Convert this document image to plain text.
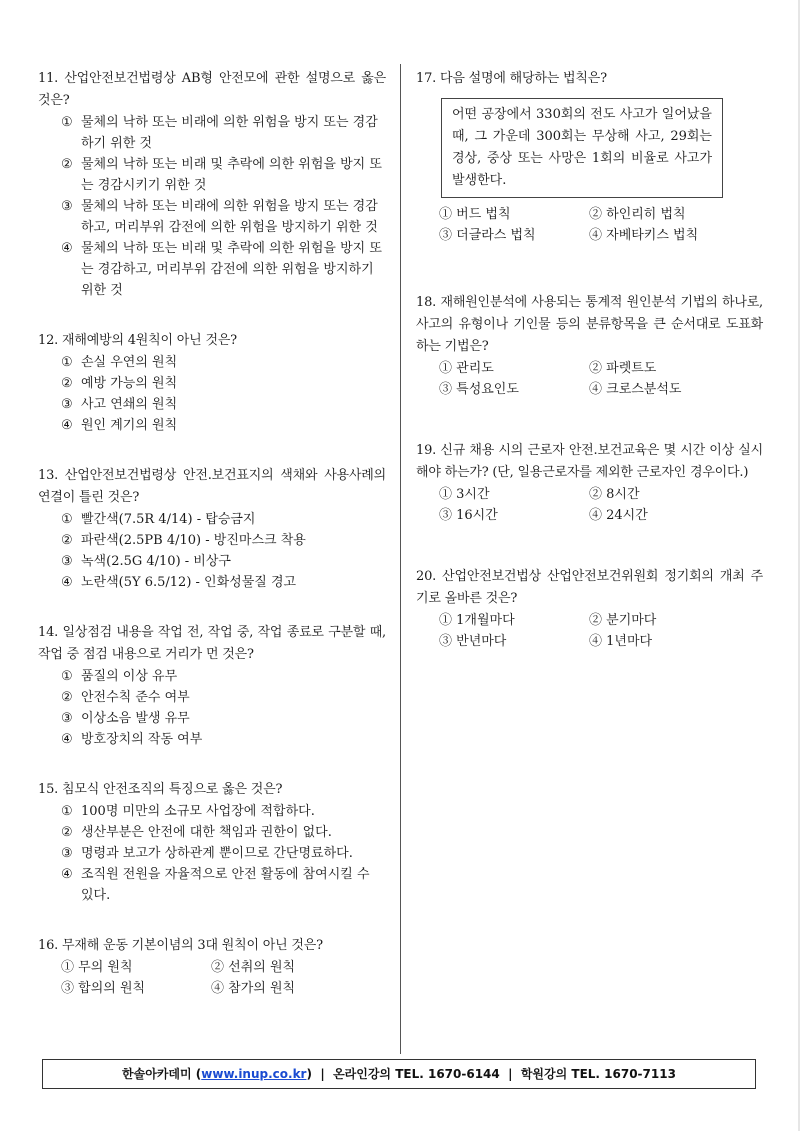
11. 산업안전보건법령상 AB형 안전모에 관한 설명으로 옳은 것은?
① 물체의 낙하 또는 비래에 의한 위험을 방지 또는 경감하기 위한 것
② 물체의 낙하 또는 비래 및 추락에 의한 위험을 방지 또는 경감시키기 위한 것
③ 물체의 낙하 또는 비래에 의한 위험을 방지 또는 경감하고, 머리부위 감전에 의한 위험을 방지하기 위한 것
④ 물체의 낙하 또는 비래 및 추락에 의한 위험을 방지 또는 경감하고, 머리부위 감전에 의한 위험을 방지하기 위한 것
12. 재해예방의 4원칙이 아닌 것은?
① 손실 우연의 원칙
② 예방 가능의 원칙
③ 사고 연쇄의 원칙
④ 원인 계기의 원칙
13. 산업안전보건법령상 안전.보건표지의 색채와 사용사례의 연결이 틀린 것은?
① 빨간색(7.5R 4/14) - 탑승금지
② 파란색(2.5PB 4/10) - 방진마스크 착용
③ 녹색(2.5G 4/10) - 비상구
④ 노란색(5Y 6.5/12) - 인화성물질 경고
14. 일상점검 내용을 작업 전, 작업 중, 작업 종료로 구분할 때, 작업 중 점검 내용으로 거리가 먼 것은?
① 품질의 이상 유무
② 안전수칙 준수 여부
③ 이상소음 발생 유무
④ 방호장치의 작동 여부
15. 침모식 안전조직의 특징으로 옳은 것은?
① 100명 미만의 소규모 사업장에 적합하다.
② 생산부분은 안전에 대한 책임과 권한이 없다.
③ 명령과 보고가 상하관계 뿐이므로 간단명료하다.
④ 조직원 전원을 자율적으로 안전 활동에 참여시킬 수 있다.
16. 무재해 운동 기본이념의 3대 원칙이 아닌 것은?
① 무의 원칙	② 선취의 원칙
③ 합의의 원칙	④ 참가의 원칙
17. 다음 설명에 해당하는 법칙은?
어떤 공장에서 330회의 전도 사고가 일어났을 때, 그 가운데 300회는 무상해 사고, 29회는 경상, 중상 또는 사망은 1회의 비율로 사고가 발생한다.
① 버드 법칙	② 하인리히 법칙
③ 더글라스 법칙	④ 자베타키스 법칙
18. 재해원인분석에 사용되는 통계적 원인분석 기법의 하나로, 사고의 유형이나 기인물 등의 분류항목을 큰 순서대로 도표화 하는 기법은?
① 관리도	② 파렛트도
③ 특성요인도	④ 크로스분석도
19. 신규 채용 시의 근로자 안전.보건교육은 몇 시간 이상 실시해야 하는가? (단, 일용근로자를 제외한 근로자인 경우이다.)
① 3시간	② 8시간
③ 16시간	④ 24시간
20. 산업안전보건법상 산업안전보건위원회 정기회의 개최 주기로 올바른 것은?
① 1개월마다	② 분기마다
③ 반년마다	④ 1년마다
한솔아카데미 (www.inup.co.kr)  |  온라인강의 TEL. 1670-6144  |  학원강의 TEL. 1670-7113
